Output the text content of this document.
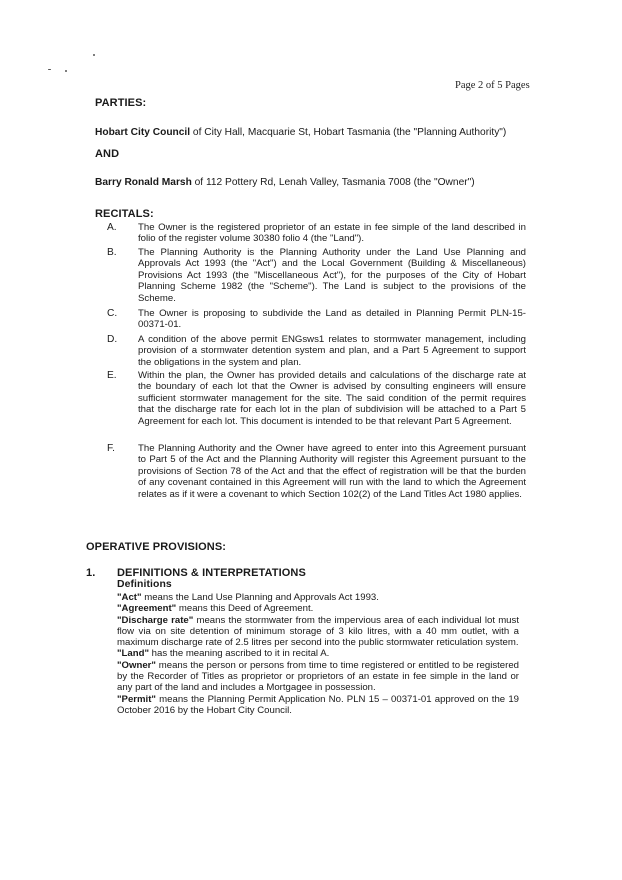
Page 2 of 5 Pages
PARTIES:
Hobart City Council of City Hall, Macquarie St, Hobart Tasmania (the "Planning Authority")
AND
Barry Ronald Marsh of 112 Pottery Rd, Lenah Valley, Tasmania 7008 (the "Owner")
RECITALS:
A. The Owner is the registered proprietor of an estate in fee simple of the land described in folio of the register volume 30380 folio 4 (the "Land").
B. The Planning Authority is the Planning Authority under the Land Use Planning and Approvals Act 1993 (the "Act") and the Local Government (Building & Miscellaneous) Provisions Act 1993 (the "Miscellaneous Act"), for the purposes of the City of Hobart Planning Scheme 1982 (the "Scheme"). The Land is subject to the provisions of the Scheme.
C. The Owner is proposing to subdivide the Land as detailed in Planning Permit PLN-15-00371-01.
D. A condition of the above permit ENGsws1 relates to stormwater management, including provision of a stormwater detention system and plan, and a Part 5 Agreement to support the obligations in the system and plan.
E. Within the plan, the Owner has provided details and calculations of the discharge rate at the boundary of each lot that the Owner is advised by consulting engineers will ensure sufficient stormwater management for the site. The said condition of the permit requires that the discharge rate for each lot in the plan of subdivision will be attached to a Part 5 Agreement for each lot. This document is intended to be that relevant Part 5 Agreement.
F. The Planning Authority and the Owner have agreed to enter into this Agreement pursuant to Part 5 of the Act and the Planning Authority will register this Agreement pursuant to the provisions of Section 78 of the Act and that the effect of registration will be that the burden of any covenant contained in this Agreement will run with the land to which the Agreement relates as if it were a covenant to which Section 102(2) of the Land Titles Act 1980 applies.
OPERATIVE PROVISIONS:
1. DEFINITIONS & INTERPRETATIONS
Definitions

"Act" means the Land Use Planning and Approvals Act 1993.

"Agreement" means this Deed of Agreement.

"Discharge rate" means the stormwater from the impervious area of each individual lot must flow via on site detention of minimum storage of 3 kilo litres, with a 40 mm outlet, with a maximum discharge rate of 2.5 litres per second into the public stormwater reticulation system.

"Land" has the meaning ascribed to it in recital A.

"Owner" means the person or persons from time to time registered or entitled to be registered by the Recorder of Titles as proprietor or proprietors of an estate in fee simple in the land or any part of the land and includes a Mortgagee in possession.

"Permit" means the Planning Permit Application No. PLN 15 – 00371-01 approved on the 19 October 2016 by the Hobart City Council.
